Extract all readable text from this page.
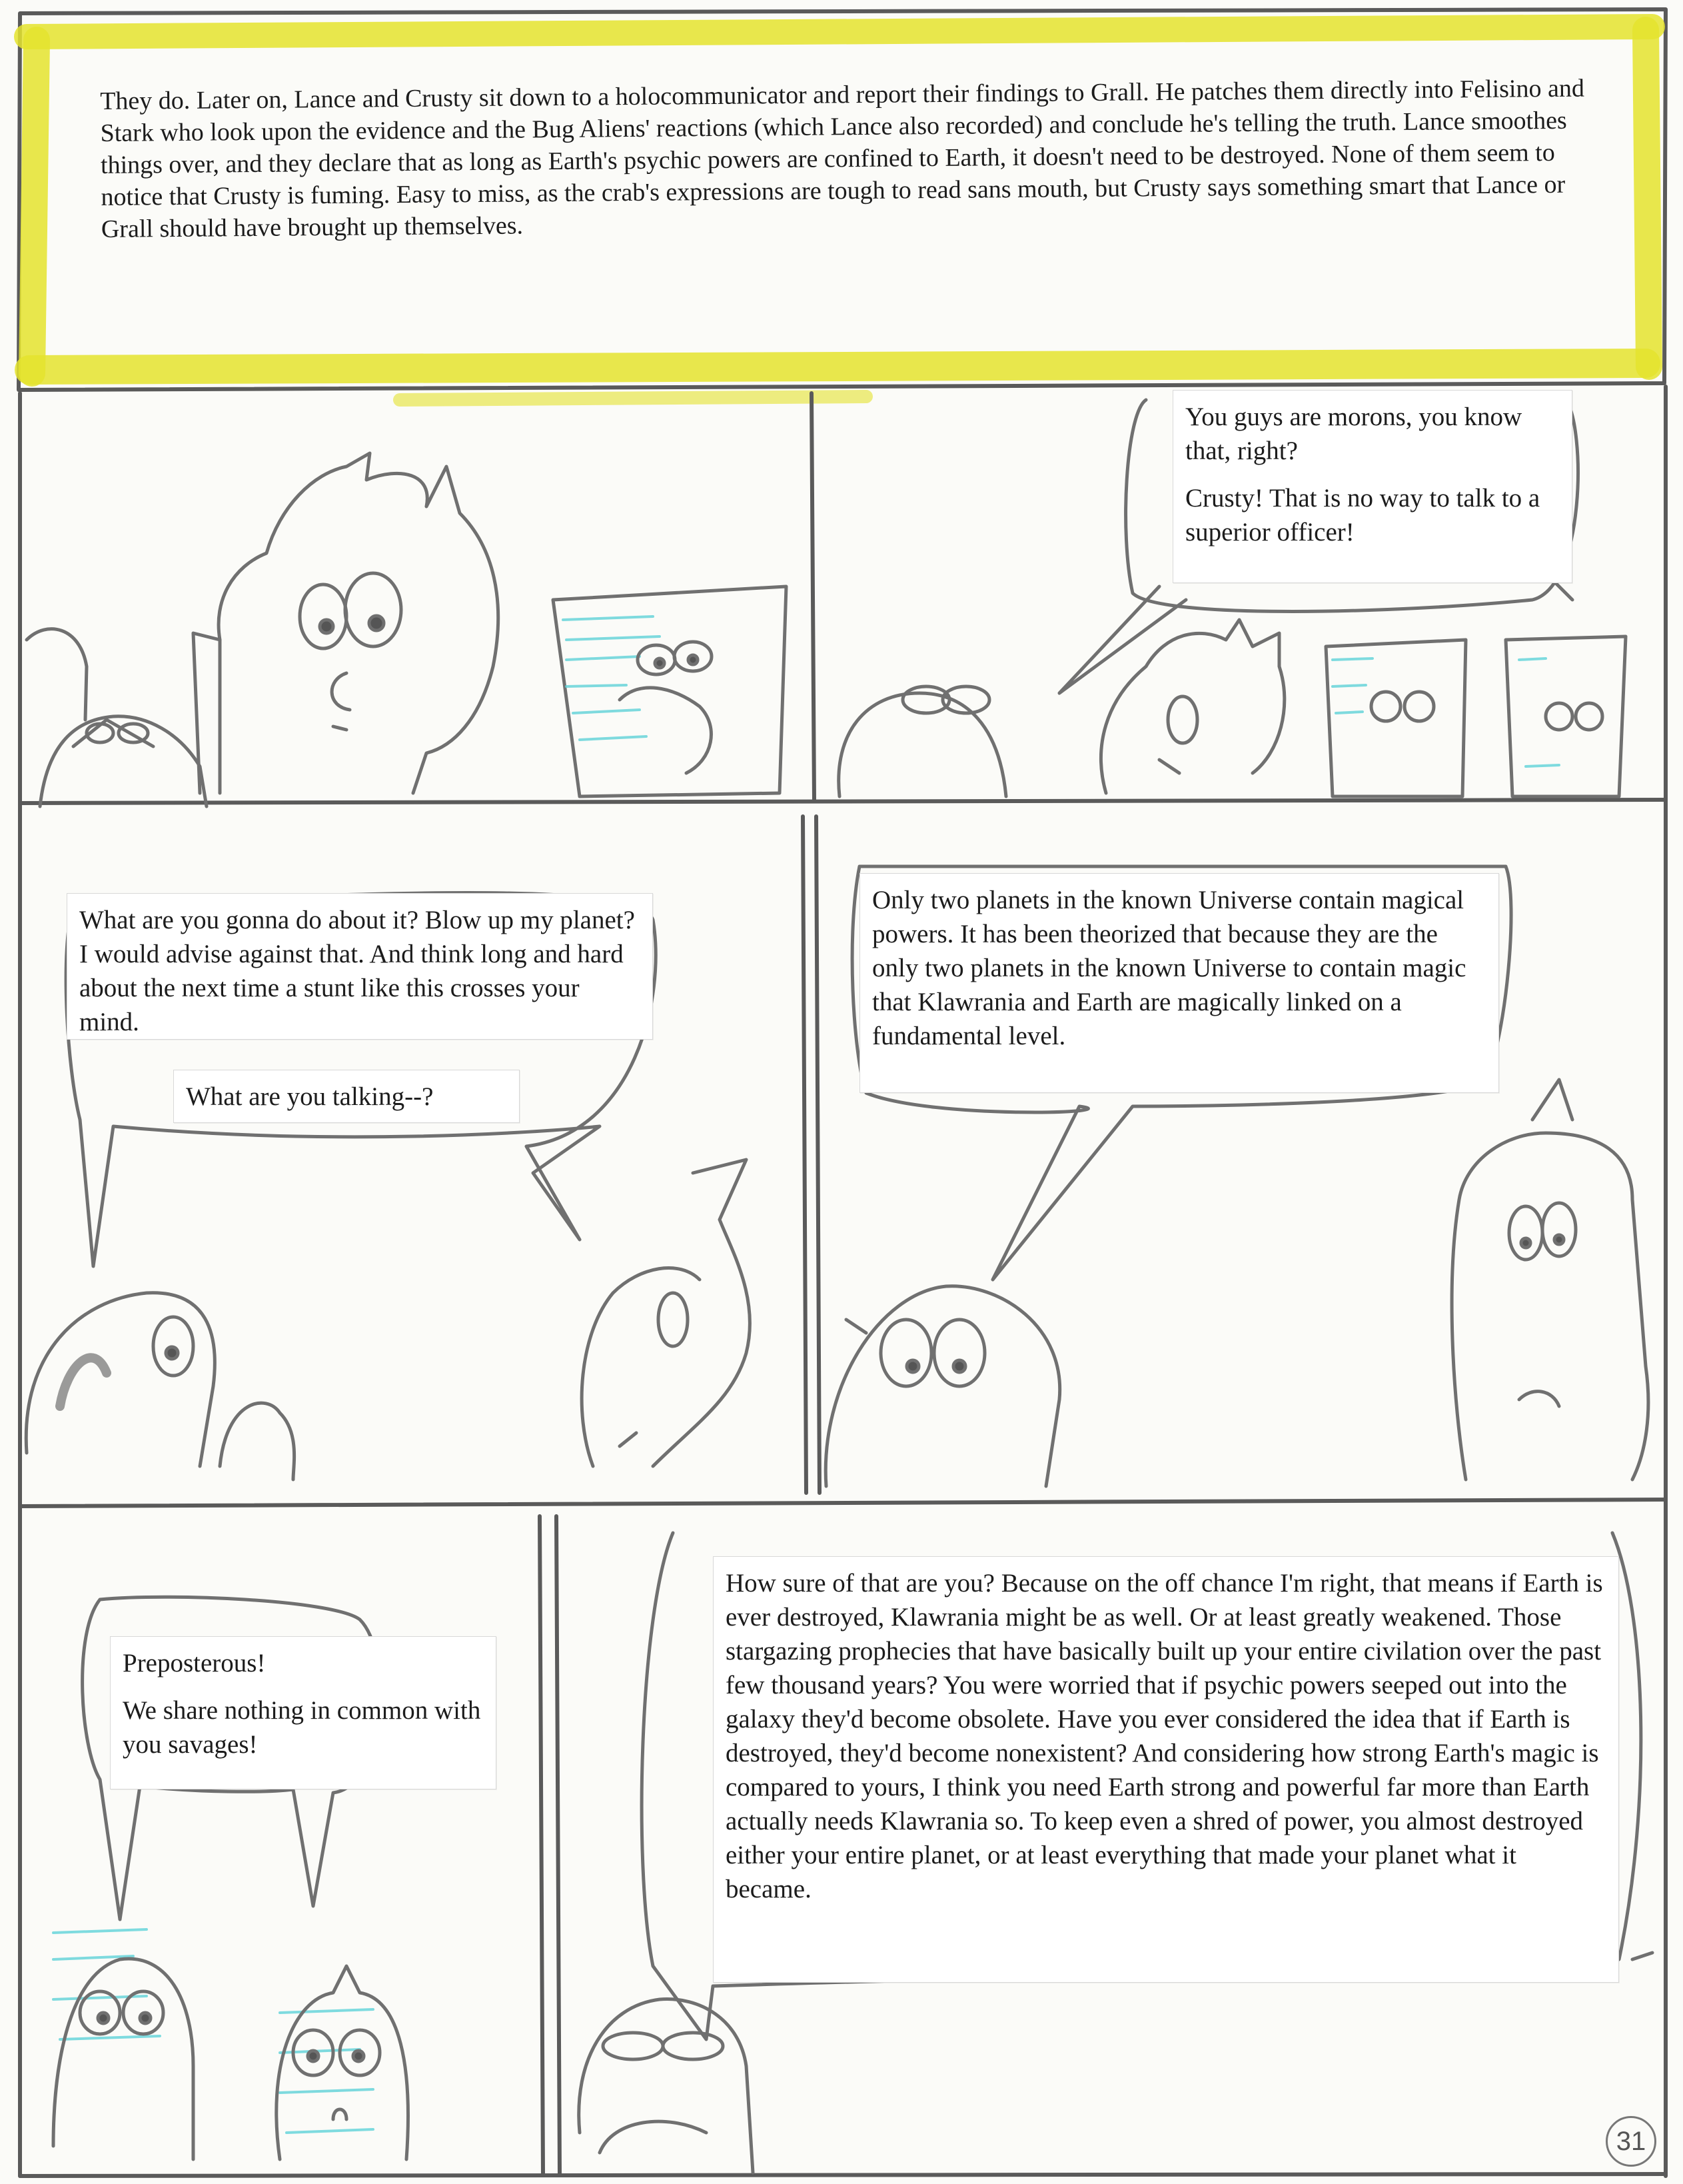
They do. Later on, Lance and Crusty sit down to a holocommunicator and report their findings to Grall. He patches them directly into Felisino and Stark who look upon the evidence and the Bug Aliens' reactions (which Lance also recorded) and conclude he's telling the truth. Lance smoothes things over, and they declare that as long as Earth's psychic powers are confined to Earth, it doesn't need to be destroyed. None of them seem to notice that Crusty is fuming. Easy to miss, as the crab's expressions are tough to read sans mouth, but Crusty says something smart that Lance or Grall should have brought up themselves.

You guys are morons, you know that, right?

Crusty! That is no way to talk to a superior officer!

What are you gonna do about it? Blow up my planet? I would advise against that. And think long and hard about the next time a stunt like this crosses your mind.

What are you talking--?

Only two planets in the known Universe contain magical powers. It has been theorized that because they are the only two planets in the known Universe to contain magic that Klawrania and Earth are magically linked on a fundamental level.

Preposterous!

We share nothing in common with you savages!

How sure of that are you? Because on the off chance I'm right, that means if Earth is ever destroyed, Klawrania might be as well. Or at least greatly weakened. Those stargazing prophecies that have basically built up your entire civilation over the past few thousand years? You were worried that if psychic powers seeped out into the galaxy they'd become obsolete. Have you ever considered the idea that if Earth is destroyed, they'd become nonexistent? And considering how strong Earth's magic is compared to yours, I think you need Earth strong and powerful far more than Earth actually needs Klawrania so. To keep even a shred of power, you almost destroyed either your entire planet, or at least everything that made your planet what it became.

31
